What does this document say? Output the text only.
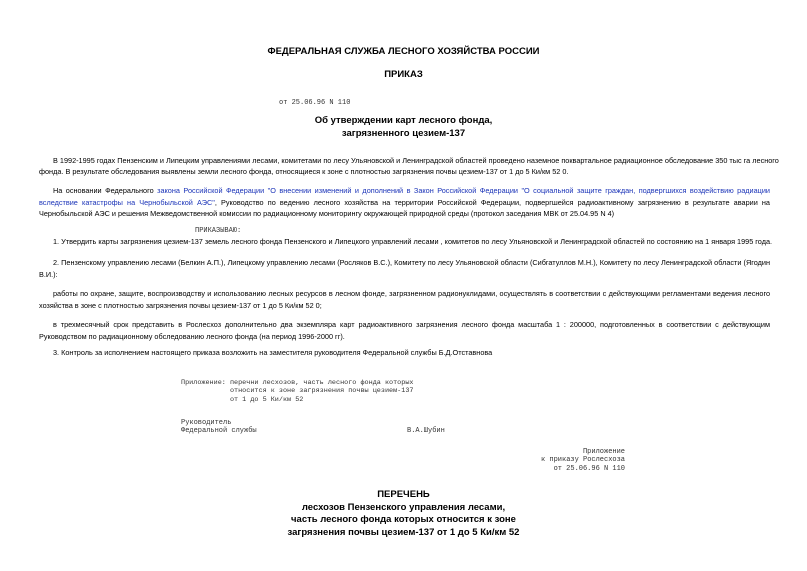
ФЕДЕРАЛЬНАЯ СЛУЖБА ЛЕСНОГО ХОЗЯЙСТВА РОССИИ
ПРИКАЗ
от 25.06.96 N 110
Об утверждении карт лесного фонда,
загрязненного цезием-137
В 1992-1995 годах Пензенским и Липецким управлениями лесами, комитетами по лесу Ульяновской и Ленинградской областей проведено наземное поквартальное радиационное обследование 350 тыс га лесного
фонда. В результате обследования выявлены земли лесного фонда, относящиеся к зоне с плотностью загрязнения почвы цезием-137 от 1 до 5 Ки/км 52 0.
На основании Федерального закона Российской Федерации "О внесении изменений и дополнений в Закон Российской Федерации "О социальной защите граждан, подвергшихся воздействию радиации вследствие катастрофы на Чернобыльской АЭС", Руководство по ведению лесного хозяйства на территории Российской Федерации, подвергшейся радиоактивному загрязнению в результате аварии на Чернобыльской АЭС и решения Межведомственной комиссии по радиационному мониторингу окружающей природной среды (протокол заседания МВК от 25.04.95 N 4)
ПРИКАЗЫВАЮ:
1. Утвердить карты загрязнения цезием-137 земель лесного фонда Пензенского и Липецкого управлений лесами , комитетов по лесу Ульяновской и Ленинградской областей по состоянию на 1 января 1995 года.
2. Пензенскому управлению лесами (Белкин А.П.), Липецкому управлению лесами (Росляков В.С.), Комитету по лесу Ульяновской области (Сибгатуллов М.Н.), Комитету по лесу Ленинградской области (Ягодин В.И.):
работы по охране, защите, воспроизводству и использованию лесных ресурсов в лесном фонде, загрязненном радионуклидами, осуществлять в соответствии с действующими регламентами ведения лесного хозяйства в зоне с плотностью загрязнения почвы цезием-137 от 1 до 5 Ки/км 52 0;
в трехмесячный срок представить в Рослесхоз дополнительно два экземпляра карт радиоактивного загрязнения лесного фонда масштаба 1 : 200000, подготовленных в соответствии с действующим Руководством по радиационному обследованию лесного фонда (на период 1996-2000 гг).
3. Контроль за исполнением настоящего приказа возложить на заместителя руководителя Федеральной службы Б.Д.Отставнова
Приложение: перечни лесхозов, часть лесного фонда которых
относится к зоне загрязнения почвы цезием-137
от 1 до 5 Ки/км 52
Руководитель
Федеральной службы	В.А.Шубин
Приложение
к приказу Рослесхоза
от 25.06.96 N 110
ПЕРЕЧЕНЬ
лесхозов Пензенского управления лесами,
часть лесного фонда которых относится к зоне
загрязнения почвы цезием-137 от 1 до 5 Ки/км 52
